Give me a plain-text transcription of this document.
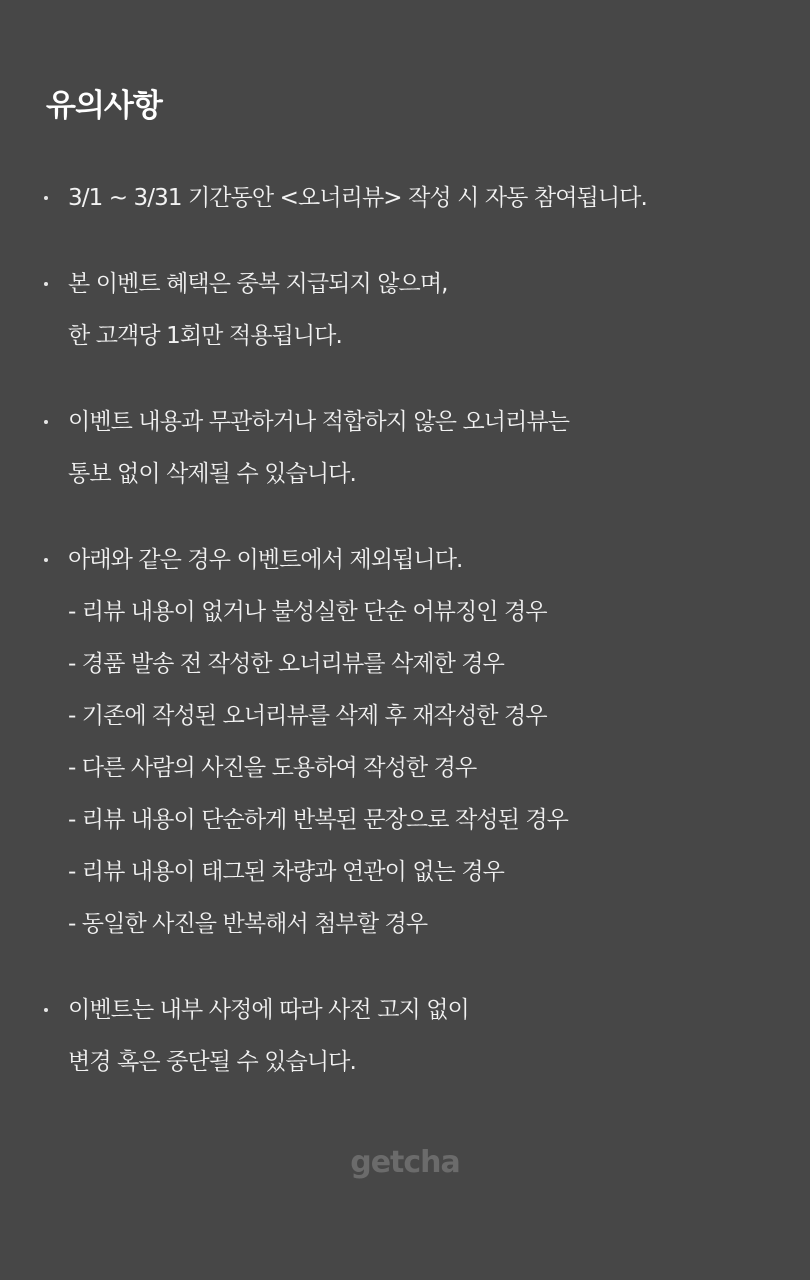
유의사항
3/1 ~ 3/31 기간동안 <오너리뷰> 작성 시 자동 참여됩니다.
본 이벤트 혜택은 중복 지급되지 않으며,
한 고객당 1회만 적용됩니다.
이벤트 내용과 무관하거나 적합하지 않은 오너리뷰는
통보 없이 삭제될 수 있습니다.
아래와 같은 경우 이벤트에서 제외됩니다.
- 리뷰 내용이 없거나 불성실한 단순 어뷰징인 경우
- 경품 발송 전 작성한 오너리뷰를 삭제한 경우
- 기존에 작성된 오너리뷰를 삭제 후 재작성한 경우
- 다른 사람의 사진을 도용하여 작성한 경우
- 리뷰 내용이 단순하게 반복된 문장으로 작성된 경우
- 리뷰 내용이 태그된 차량과 연관이 없는 경우
- 동일한 사진을 반복해서 첨부할 경우
이벤트는 내부 사정에 따라 사전 고지 없이
변경 혹은 중단될 수 있습니다.
getcha
